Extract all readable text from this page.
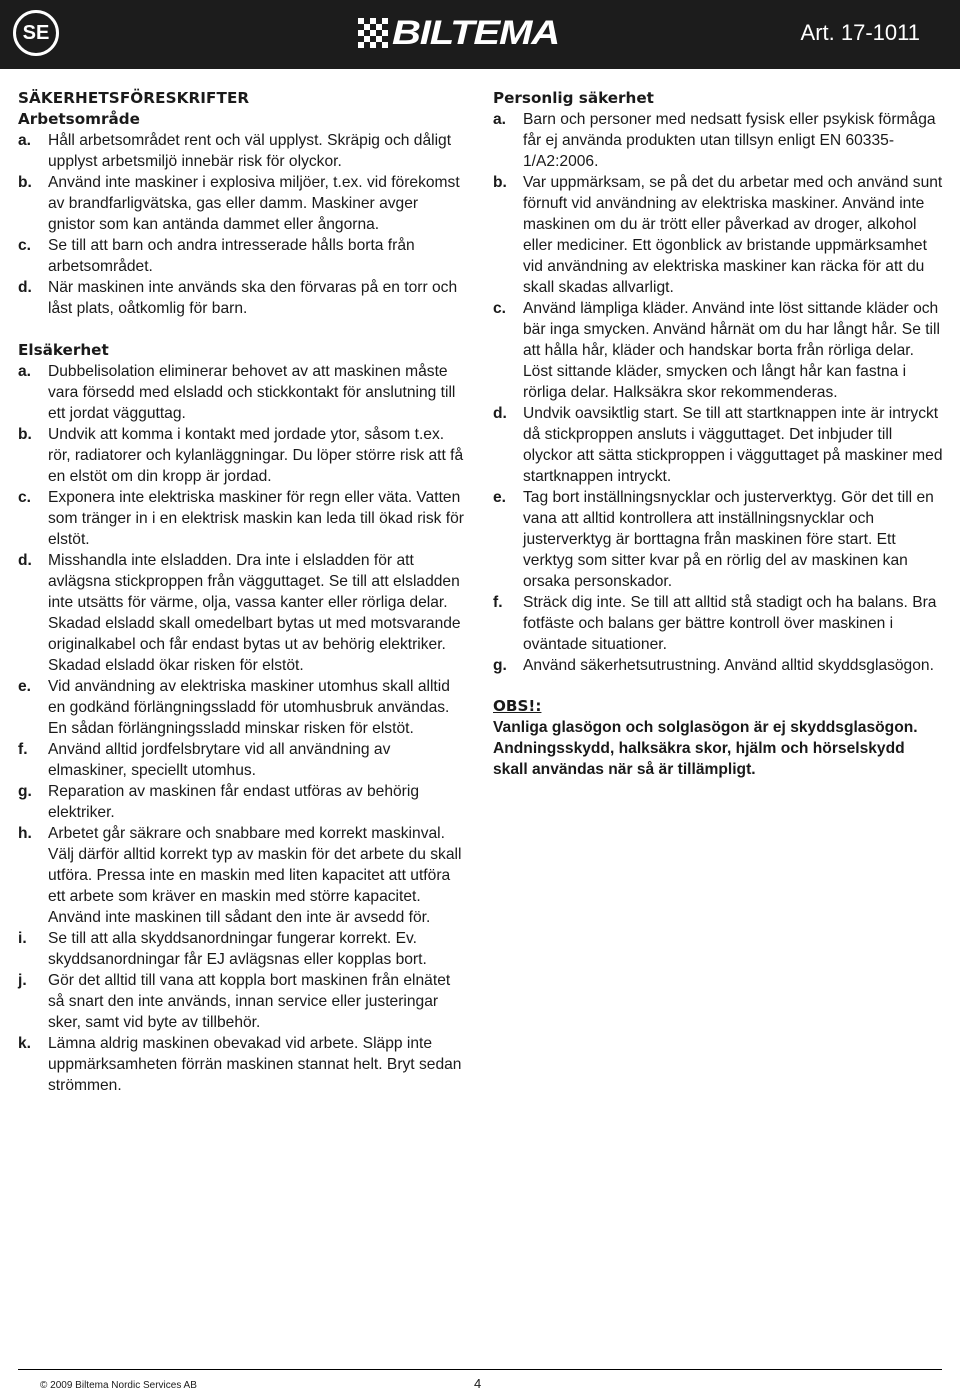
SE	BILTEMA	Art. 17-1011
SÄKERHETSFÖRESKRIFTER
Arbetsområde
a.	Håll arbetsområdet rent och väl upplyst. Skräpig och dåligt upplyst arbetsmiljö innebär risk för olyckor.
b.	Använd inte maskiner i explosiva miljöer, t.ex. vid förekomst av brandfarligvätska, gas eller damm. Maskiner avger gnistor som kan antända dammet eller ångorna.
c.	Se till att barn och andra intresserade hålls borta från arbetsområdet.
d.	När maskinen inte används ska den förvaras på en torr och låst plats, oåtkomlig för barn.
Elsäkerhet
a.	Dubbelisolation eliminerar behovet av att maskinen måste vara försedd med elsladd och stickkontakt för anslutning till ett jordat vägguttag.
b.	Undvik att komma i kontakt med jordade ytor, såsom t.ex. rör, radiatorer och kylanläggningar. Du löper större risk att få en elstöt om din kropp är jordad.
c.	Exponera inte elektriska maskiner för regn eller väta. Vatten som tränger in i en elektrisk maskin kan leda till ökad risk för elstöt.
d.	Misshandla inte elsladden. Dra inte i elsladden för att avlägsna stickproppen från vägguttaget. Se till att elsladden inte utsätts för värme, olja, vassa kanter eller rörliga delar. Skadad elsladd skall omedelbart bytas ut med motsvarande originalkabel och får endast bytas ut av behörig elektriker. Skadad elsladd ökar risken för elstöt.
e.	Vid användning av elektriska maskiner utomhus skall alltid en godkänd förlängningssladd för utomhusbruk användas. En sådan förlängningssladd minskar risken för elstöt.
f.	Använd alltid jordfelsbrytare vid all användning av elmaskiner, speciellt utomhus.
g.	Reparation av maskinen får endast utföras av behörig elektriker.
h.	Arbetet går säkrare och snabbare med korrekt maskinval. Välj därför alltid korrekt typ av maskin för det arbete du skall utföra. Pressa inte en maskin med liten kapacitet att utföra ett arbete som kräver en maskin med större kapacitet. Använd inte maskinen till sådant den inte är avsedd för.
i.	Se till att alla skyddsanordningar fungerar korrekt. Ev. skyddsanordningar får EJ avlägsnas eller kopplas bort.
j.	Gör det alltid till vana att koppla bort maskinen från elnätet så snart den inte används, innan service eller justeringar sker, samt vid byte av tillbehör.
k.	Lämna aldrig maskinen obevakad vid arbete. Släpp inte uppmärksamheten förrän maskinen stannat helt. Bryt sedan strömmen.
Personlig säkerhet
a.	Barn och personer med nedsatt fysisk eller psykisk förmåga får ej använda produkten utan tillsyn enligt EN 60335-1/A2:2006.
b.	Var uppmärksam, se på det du arbetar med och använd sunt förnuft vid användning av elektriska maskiner. Använd inte maskinen om du är trött eller påverkad av droger, alkohol eller mediciner. Ett ögonblick av bristande uppmärksamhet vid användning av elektriska maskiner kan räcka för att du skall skadas allvarligt.
c.	Använd lämpliga kläder. Använd inte löst sittande kläder och bär inga smycken. Använd hårnät om du har långt hår. Se till att hålla hår, kläder och handskar borta från rörliga delar. Löst sittande kläder, smycken och långt hår kan fastna i rörliga delar. Halksäkra skor rekommenderas.
d.	Undvik oavsiktlig start. Se till att startknappen inte är intryckt då stickproppen ansluts i vägguttaget. Det inbjuder till olyckor att sätta stickproppen i vägguttaget på maskiner med startknappen intryckt.
e.	Tag bort inställningsnycklar och justerverktyg. Gör det till en vana att alltid kontrollera att inställningsnycklar och justerverktyg är borttagna från maskinen före start. Ett verktyg som sitter kvar på en rörlig del av maskinen kan orsaka personskador.
f.	Sträck dig inte. Se till att alltid stå stadigt och ha balans. Bra fotfäste och balans ger bättre kontroll över maskinen i oväntade situationer.
g.	Använd säkerhetsutrustning. Använd alltid skyddsglasögon.
OBS!:
Vanliga glasögon och solglasögon är ej skyddsglasögon. Andningsskydd, halksäkra skor, hjälm och hörselskydd skall användas när så är tillämpligt.
© 2009 Biltema Nordic Services AB	4
